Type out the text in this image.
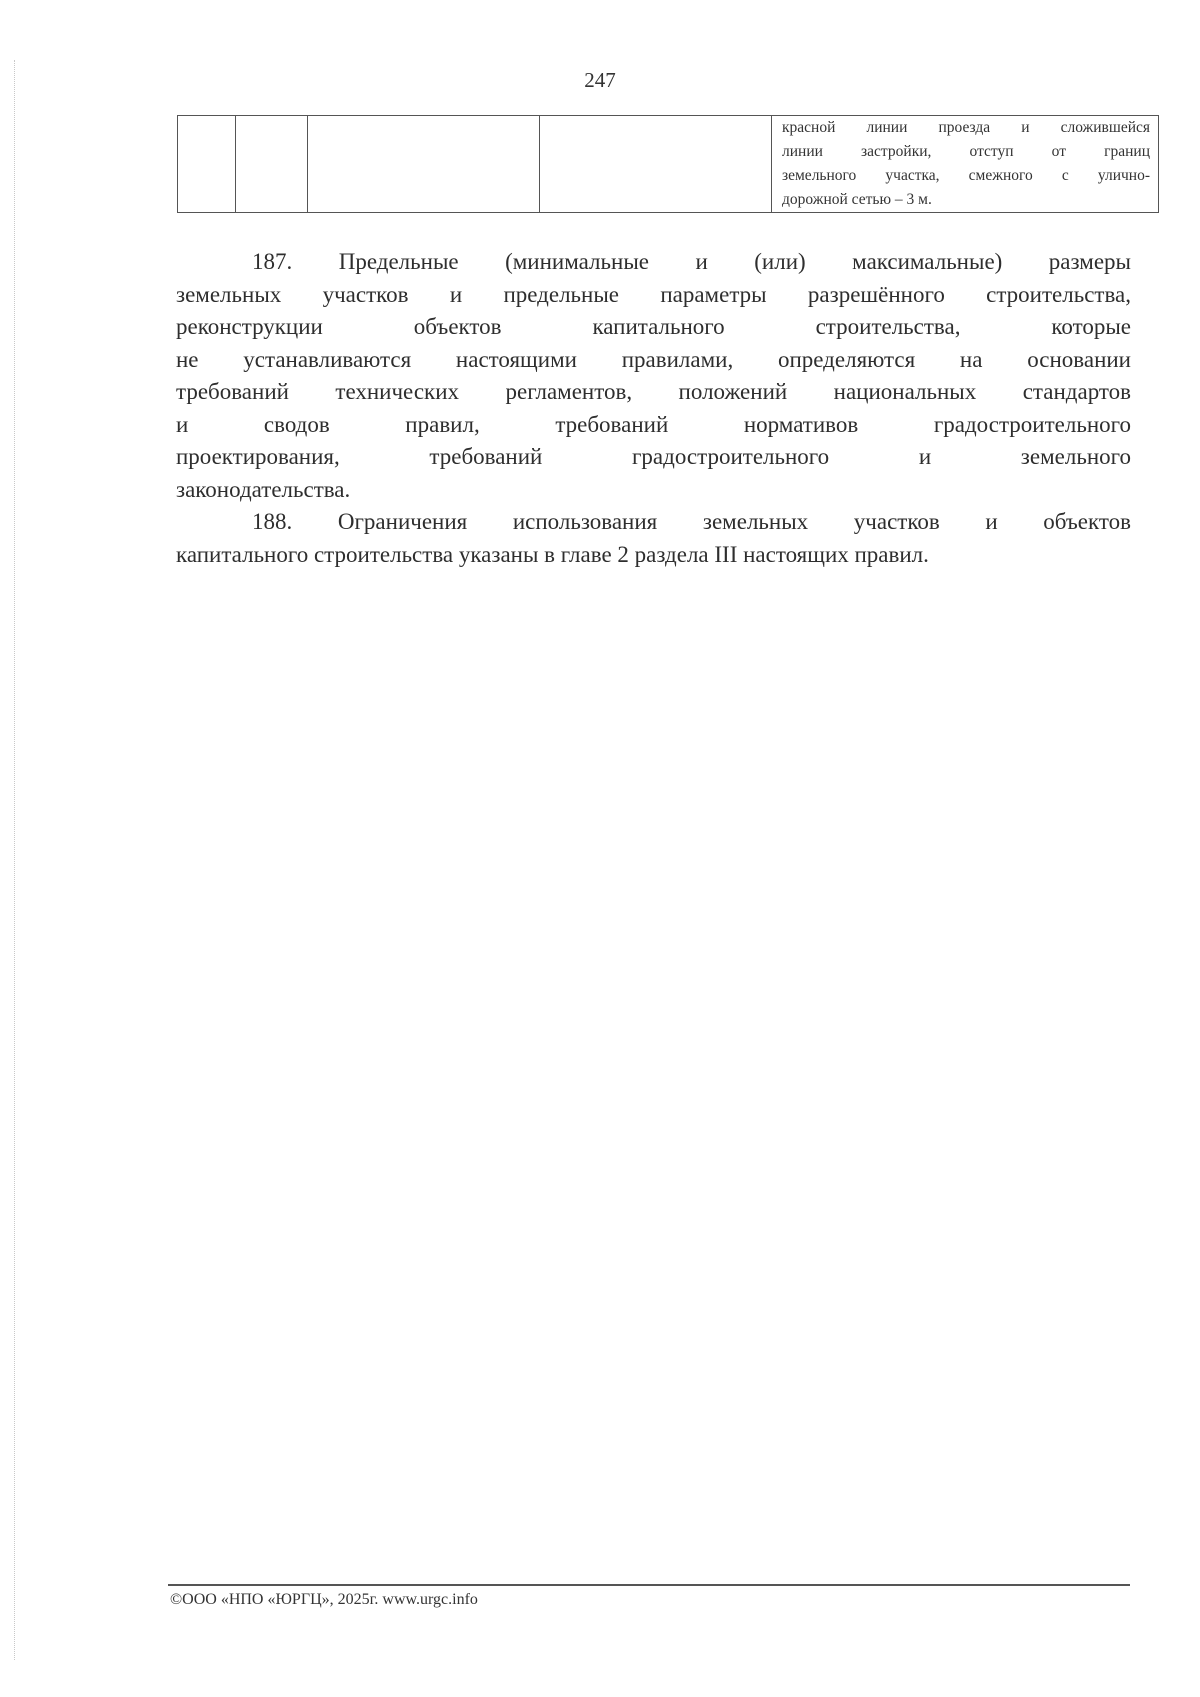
247

красной линии проезда и сложившейся
линии застройки, отступ от границ
земельного участка, смежного с улично-
дорожной сетью – 3 м.
187. Предельные (минимальные и (или) максимальные) размеры
земельных участков и предельные параметры разрешённого строительства,
реконструкции объектов капитального строительства, которые
не устанавливаются настоящими правилами, определяются на основании
требований технических регламентов, положений национальных стандартов
и сводов правил, требований нормативов градостроительного
проектирования, требований градостроительного и земельного
законодательства.
188. Ограничения использования земельных участков и объектов
капитального строительства указаны в главе 2 раздела III настоящих правил.
©ООО «НПО «ЮРГЦ», 2025г. www.urgc.info
